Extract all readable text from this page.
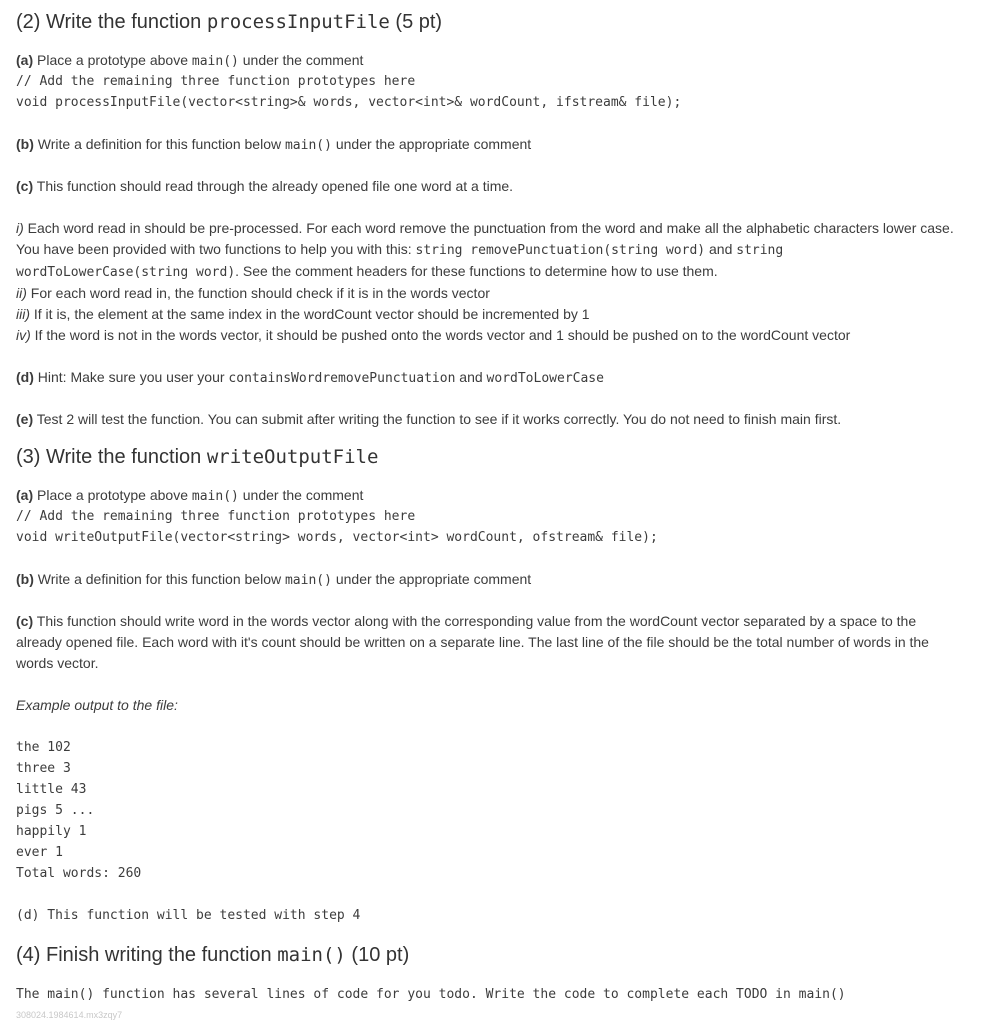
(2) Write the function processInputFile (5 pt)
(a) Place a prototype above main() under the comment
// Add the remaining three function prototypes here
void processInputFile(vector<string>& words, vector<int>& wordCount, ifstream& file);
(b) Write a definition for this function below main() under the appropriate comment
(c) This function should read through the already opened file one word at a time.

i) Each word read in should be pre-processed. For each word remove the punctuation from the word and make all the alphabetic characters lower case. You have been provided with two functions to help you with this: string removePunctuation(string word) and string wordToLowerCase(string word). See the comment headers for these functions to determine how to use them.

ii) For each word read in, the function should check if it is in the words vector
iii) If it is, the element at the same index in the wordCount vector should be incremented by 1
iv) If the word is not in the words vector, it should be pushed onto the words vector and 1 should be pushed on to the wordCount vector
(d) Hint: Make sure you user your containsWordremovePunctuation and wordToLowerCase
(e) Test 2 will test the function. You can submit after writing the function to see if it works correctly. You do not need to finish main first.
(3) Write the function writeOutputFile
(a) Place a prototype above main() under the comment
// Add the remaining three function prototypes here
void writeOutputFile(vector<string> words, vector<int> wordCount, ofstream& file);
(b) Write a definition for this function below main() under the appropriate comment

(c) This function should write word in the words vector along with the corresponding value from the wordCount vector separated by a space to the already opened file. Each word with it's count should be written on a separate line. The last line of the file should be the total number of words in the words vector.

Example output to the file:
the 102
three 3
little 43
pigs 5 ...
happily 1
ever 1
Total words: 260
(d) This function will be tested with step 4
(4) Finish writing the function main() (10 pt)
The main() function has several lines of code for you todo. Write the code to complete each TODO in main()
308024.1984614.mx3zqy7
